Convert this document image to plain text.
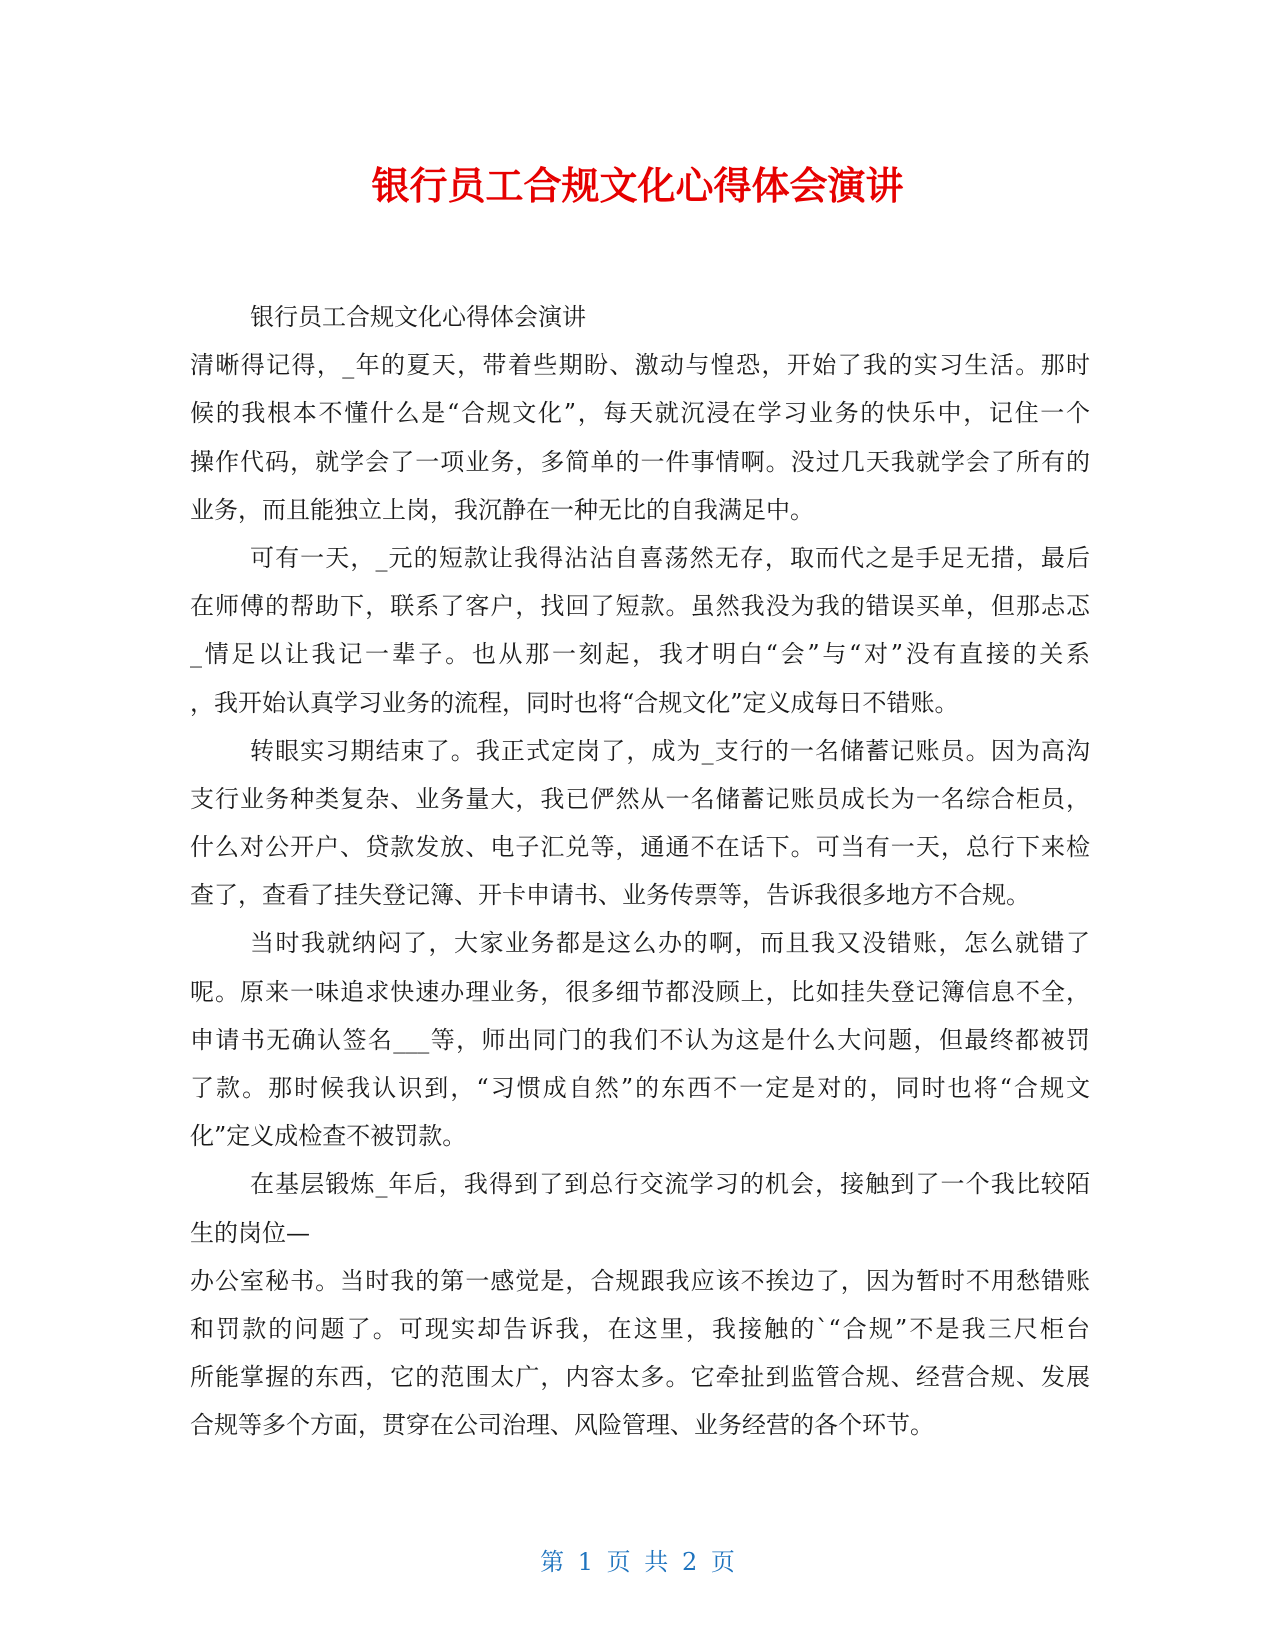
银行员工合规文化心得体会演讲
银行员工合规文化心得体会演讲
清晰得记得，_年的夏天，带着些期盼、激动与惶恐，开始了我的实习生活。那时
候的我根本不懂什么是“合规文化”，每天就沉浸在学习业务的快乐中，记住一个
操作代码，就学会了一项业务，多简单的一件事情啊。没过几天我就学会了所有的
业务，而且能独立上岗，我沉静在一种无比的自我满足中。
可有一天，_元的短款让我得沾沾自喜荡然无存，取而代之是手足无措，最后
在师傅的帮助下，联系了客户，找回了短款。虽然我没为我的错误买单，但那忐忑
_情足以让我记一辈子。也从那一刻起，我才明白“会”与“对”没有直接的关系
，我开始认真学习业务的流程，同时也将“合规文化”定义成每日不错账。
转眼实习期结束了。我正式定岗了，成为_支行的一名储蓄记账员。因为高沟
支行业务种类复杂、业务量大，我已俨然从一名储蓄记账员成长为一名综合柜员，
什么对公开户、贷款发放、电子汇兑等，通通不在话下。可当有一天，总行下来检
查了，查看了挂失登记簿、开卡申请书、业务传票等，告诉我很多地方不合规。
当时我就纳闷了，大家业务都是这么办的啊，而且我又没错账，怎么就错了
呢。原来一味追求快速办理业务，很多细节都没顾上，比如挂失登记簿信息不全，
申请书无确认签名___等，师出同门的我们不认为这是什么大问题，但最终都被罚
了款。那时候我认识到，“习惯成自然”的东西不一定是对的，同时也将“合规文
化”定义成检查不被罚款。
在基层锻炼_年后，我得到了到总行交流学习的机会，接触到了一个我比较陌
生的岗位—
办公室秘书。当时我的第一感觉是，合规跟我应该不挨边了，因为暂时不用愁错账
和罚款的问题了。可现实却告诉我，在这里，我接触的`“合规”不是我三尺柜台
所能掌握的东西，它的范围太广，内容太多。它牵扯到监管合规、经营合规、发展
合规等多个方面，贯穿在公司治理、风险管理、业务经营的各个环节。
第 1 页 共 2 页
